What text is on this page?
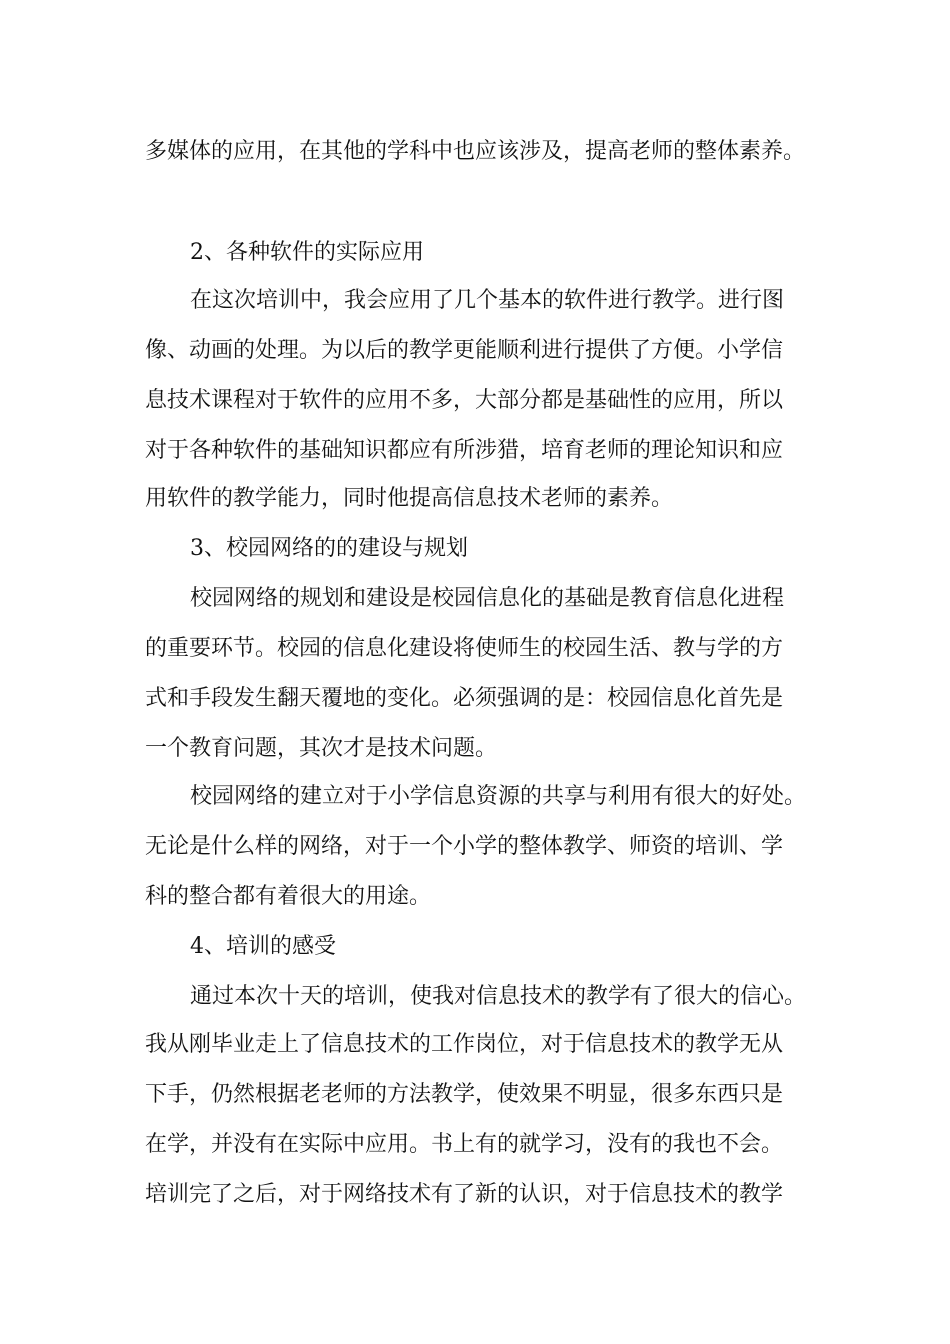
多媒体的应用，在其他的学科中也应该涉及，提高老师的整体素养。
2、各种软件的实际应用
在这次培训中，我会应用了几个基本的软件进行教学。进行图
像、动画的处理。为以后的教学更能顺利进行提供了方便。小学信
息技术课程对于软件的应用不多，大部分都是基础性的应用，所以
对于各种软件的基础知识都应有所涉猎，培育老师的理论知识和应
用软件的教学能力，同时他提高信息技术老师的素养。
3、校园网络的的建设与规划
校园网络的规划和建设是校园信息化的基础是教育信息化进程
的重要环节。校园的信息化建设将使师生的校园生活、教与学的方
式和手段发生翻天覆地的变化。必须强调的是：校园信息化首先是
一个教育问题，其次才是技术问题。
校园网络的建立对于小学信息资源的共享与利用有很大的好处。
无论是什么样的网络，对于一个小学的整体教学、师资的培训、学
科的整合都有着很大的用途。
4、培训的感受
通过本次十天的培训，使我对信息技术的教学有了很大的信心。
我从刚毕业走上了信息技术的工作岗位，对于信息技术的教学无从
下手，仍然根据老老师的方法教学，使效果不明显，很多东西只是
在学，并没有在实际中应用。书上有的就学习，没有的我也不会。
培训完了之后，对于网络技术有了新的认识，对于信息技术的教学
